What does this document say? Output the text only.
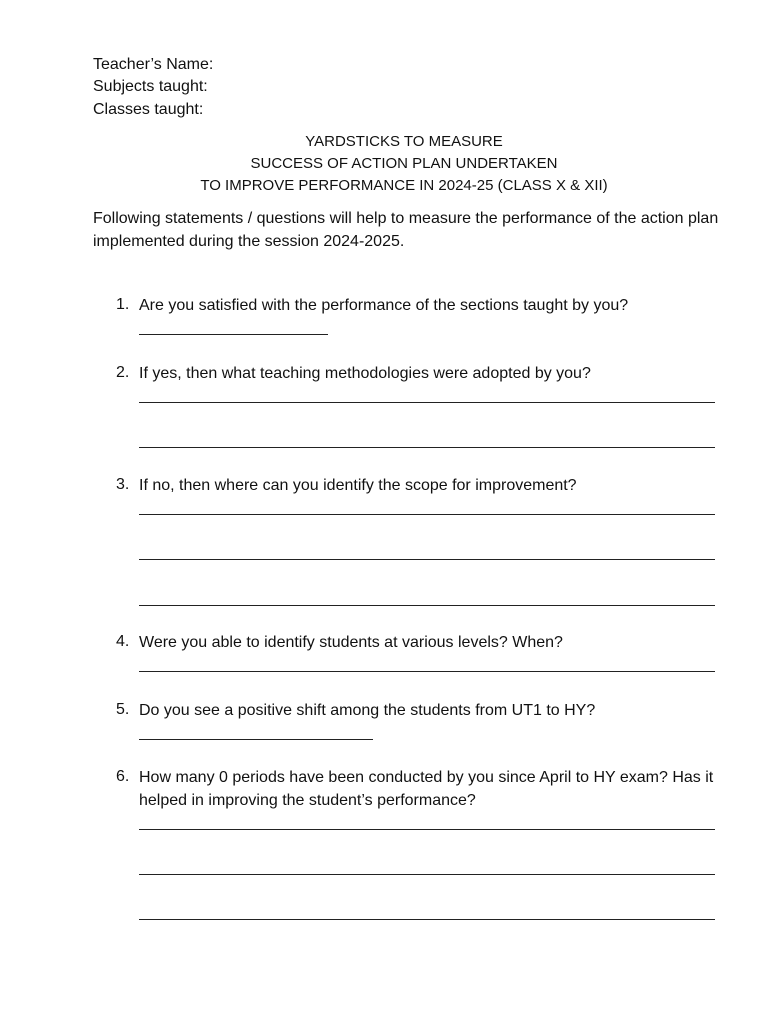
Teacher’s Name:
Subjects taught:
Classes taught:
YARDSTICKS TO MEASURE
SUCCESS OF ACTION PLAN UNDERTAKEN
TO IMPROVE PERFORMANCE IN 2024-25 (CLASS X & XII)
Following statements / questions will help to measure the performance of the action plan implemented during the session 2024-2025.
1. Are you satisfied with the performance of the sections taught by you?
2. If yes, then what teaching methodologies were adopted by you?
3. If no, then where can you identify the scope for improvement?
4. Were you able to identify students at various levels? When?
5. Do you see a positive shift among the students from UT1 to HY?
6. How many 0 periods have been conducted by you since April to HY exam? Has it helped in improving the student’s performance?
